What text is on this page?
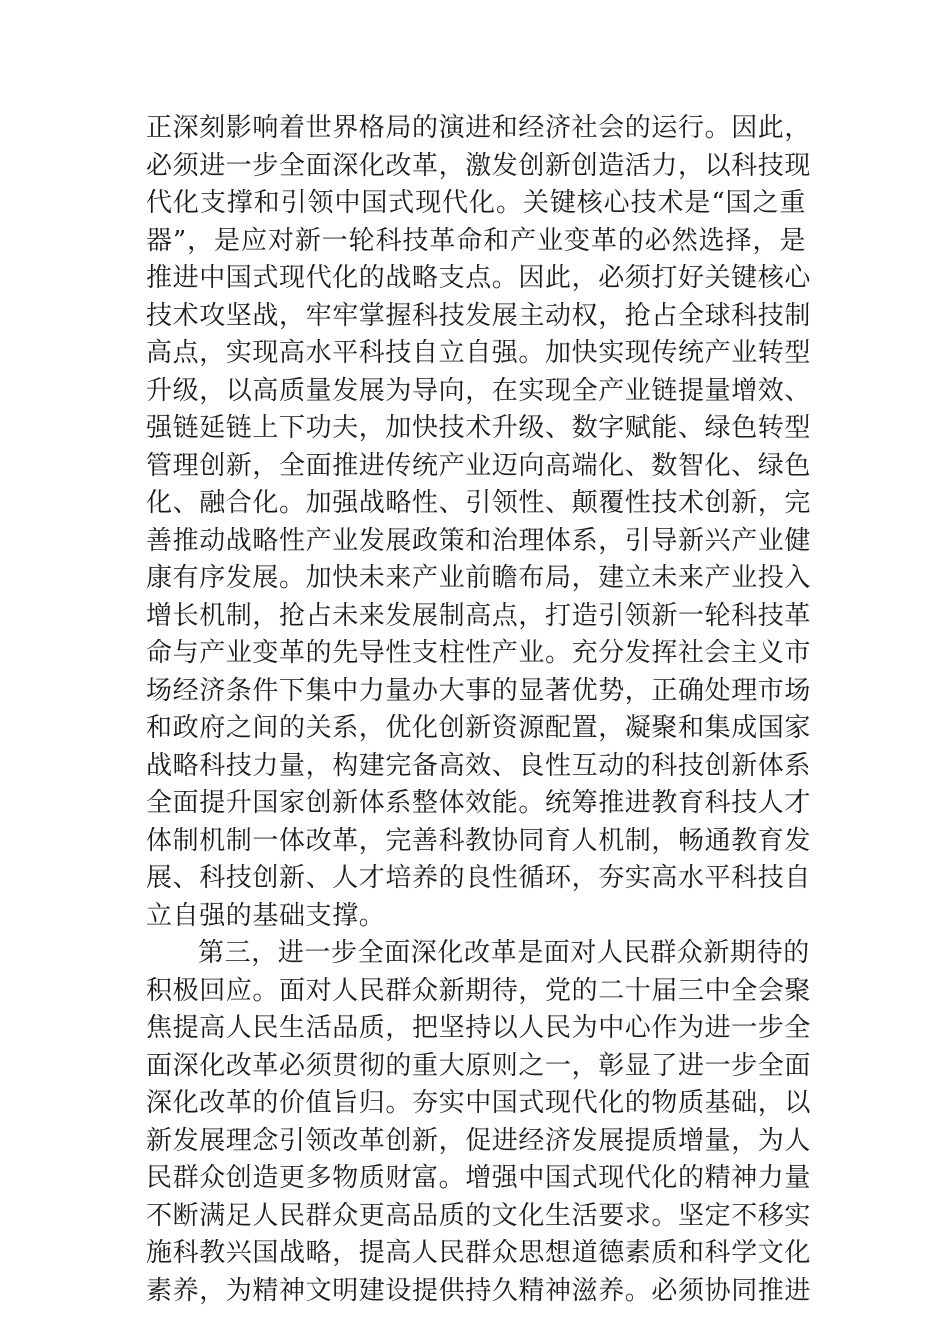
正深刻影响着世界格局的演进和经济社会的运行。因此，
必须进一步全面深化改革，激发创新创造活力，以科技现
代化支撑和引领中国式现代化。关键核心技术是“国之重
器”，是应对新一轮科技革命和产业变革的必然选择，是
推进中国式现代化的战略支点。因此，必须打好关键核心
技术攻坚战，牢牢掌握科技发展主动权，抢占全球科技制
高点，实现高水平科技自立自强。加快实现传统产业转型
升级，以高质量发展为导向，在实现全产业链提量增效、
强链延链上下功夫，加快技术升级、数字赋能、绿色转型
管理创新，全面推进传统产业迈向高端化、数智化、绿色
化、融合化。加强战略性、引领性、颠覆性技术创新，完
善推动战略性产业发展政策和治理体系，引导新兴产业健
康有序发展。加快未来产业前瞻布局，建立未来产业投入
增长机制，抢占未来发展制高点，打造引领新一轮科技革
命与产业变革的先导性支柱性产业。充分发挥社会主义市
场经济条件下集中力量办大事的显著优势，正确处理市场
和政府之间的关系，优化创新资源配置，凝聚和集成国家
战略科技力量，构建完备高效、良性互动的科技创新体系
全面提升国家创新体系整体效能。统筹推进教育科技人才
体制机制一体改革，完善科教协同育人机制，畅通教育发
展、科技创新、人才培养的良性循环，夯实高水平科技自
立自强的基础支撑。
第三，进一步全面深化改革是面对人民群众新期待的
积极回应。面对人民群众新期待，党的二十届三中全会聚
焦提高人民生活品质，把坚持以人民为中心作为进一步全
面深化改革必须贯彻的重大原则之一，彰显了进一步全面
深化改革的价值旨归。夯实中国式现代化的物质基础，以
新发展理念引领改革创新，促进经济发展提质增量，为人
民群众创造更多物质财富。增强中国式现代化的精神力量
不断满足人民群众更高品质的文化生活要求。坚定不移实
施科教兴国战略，提高人民群众思想道德素质和科学文化
素养，为精神文明建设提供持久精神滋养。必须协同推进
